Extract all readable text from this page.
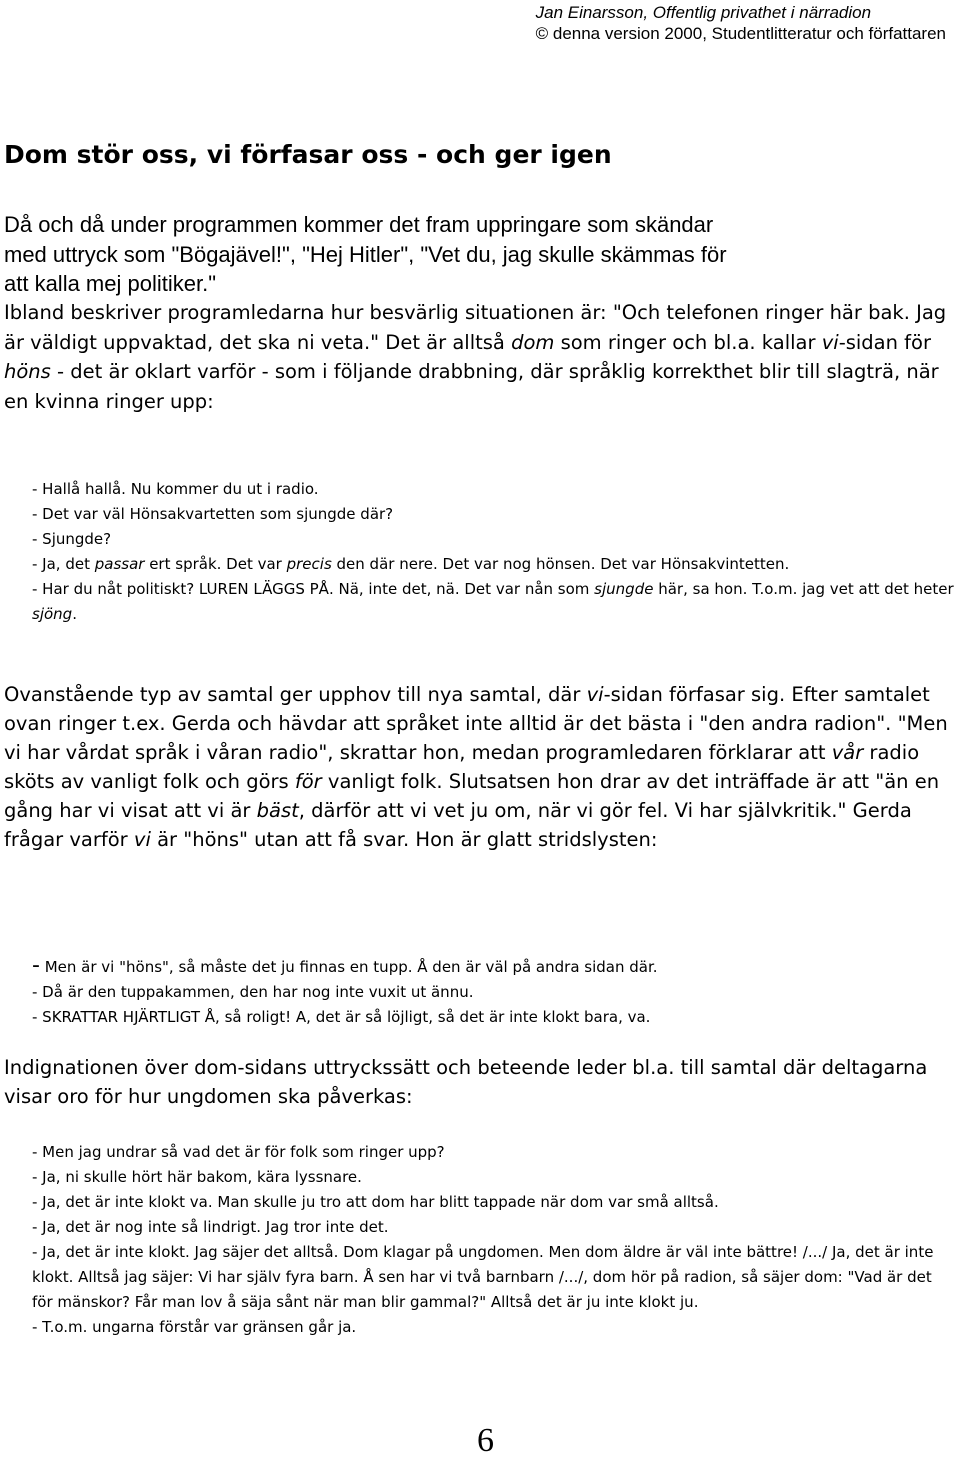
Jan Einarsson, Offentlig privathet i närradion
© denna version 2000, Studentlitteratur och författaren
Dom stör oss, vi förfasar oss - och ger igen
Då och då under programmen kommer det fram uppringare som skändar
med uttryck som "Bögajävel!", "Hej Hitler", "Vet du, jag skulle skämmas för
att kalla mej politiker."

Ibland beskriver programledarna hur besvärlig situationen är: "Och telefonen ringer här bak. Jag är väldigt uppvaktad, det ska ni veta." Det är alltså dom som ringer och bl.a. kallar vi-sidan för höns - det är oklart varför - som i följande drabbning, där språklig korrekthet blir till slagträ, när en kvinna ringer upp:

- Hallå hallå. Nu kommer du ut i radio.
- Det var väl Hönsakvartetten som sjungde där?
- Sjungde?
- Ja, det passar ert språk. Det var precis den där nere. Det var nog hönsen. Det var Hönsakvintetten.
- Har du nåt politiskt? LUREN LÄGGS PÅ. Nä, inte det, nä. Det var nån som sjungde här, sa hon. T.o.m. jag vet att det heter sjöng.

Ovanstående typ av samtal ger upphov till nya samtal, där vi-sidan förfasar sig. Efter samtalet ovan ringer t.ex. Gerda och hävdar att språket inte alltid är det bästa i "den andra radion". "Men vi har vårdat språk i våran radio", skrattar hon, medan programledaren förklarar att vår radio sköts av vanligt folk och görs för vanligt folk. Slutsatsen hon drar av det inträffade är att "än en gång har vi visat att vi är bäst, därför att vi vet ju om, när vi gör fel. Vi har självkritik." Gerda frågar varför vi är "höns" utan att få svar. Hon är glatt stridslysten:

- Men är vi "höns", så måste det ju finnas en tupp. Å den är väl på andra sidan där.
- Då är den tuppakammen, den har nog inte vuxit ut ännu.
- SKRATTAR HJÄRTLIGT Å, så roligt! A, det är så löjligt, så det är inte klokt bara, va.

Indignationen över dom-sidans uttryckssätt och beteende leder bl.a. till samtal där deltagarna visar oro för hur ungdomen ska påverkas:

- Men jag undrar så vad det är för folk som ringer upp?
- Ja, ni skulle hört här bakom, kära lyssnare.
- Ja, det är inte klokt va. Man skulle ju tro att dom har blitt tappade när dom var små alltså.
- Ja, det är nog inte så lindrigt. Jag tror inte det.
- Ja, det är inte klokt. Jag säjer det alltså. Dom klagar på ungdomen. Men dom äldre är väl inte bättre! /.../ Ja, det är inte klokt. Alltså jag säjer: Vi har själv fyra barn. Å sen har vi två barnbarn /.../, dom hör på radion, så säjer dom: "Vad är det för mänskor? Får man lov å säja sånt när man blir gammal?" Alltså det är ju inte klokt ju.
- T.o.m. ungarna förstår var gränsen går ja.
6
